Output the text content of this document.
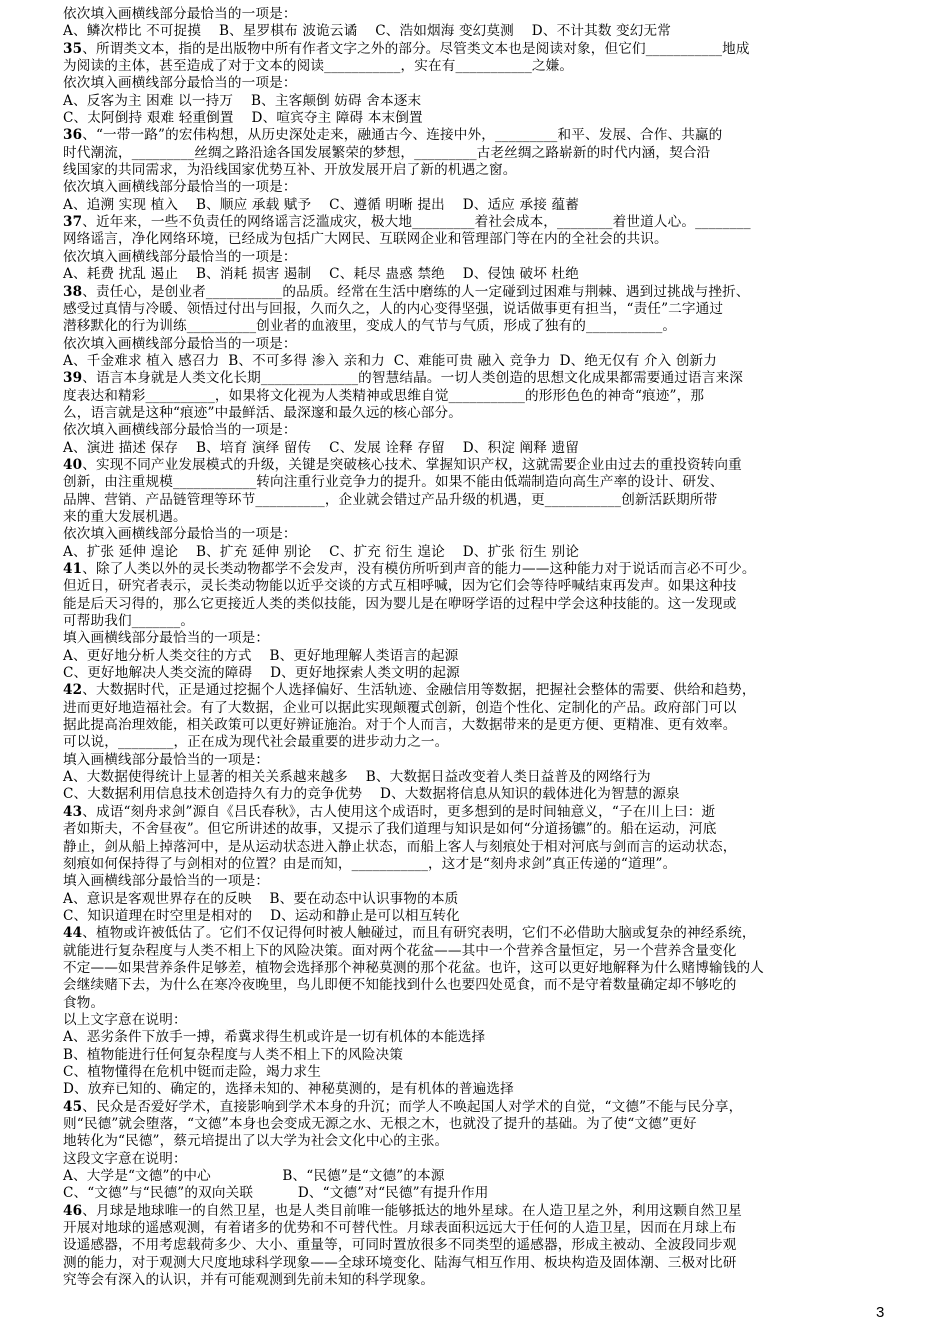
依次填入画横线部分最恰当的一项是：
A、鳞次栉比 不可捉摸    B、星罗棋布 波诡云谲    C、浩如烟海 变幻莫测    D、不计其数 变幻无常
35、所谓类文本，指的是出版物中所有作者文字之外的部分。尽管类文本也是阅读对象，但它们___________地成
为阅读的主体，甚至造成了对于文本的阅读___________，实在有___________之嫌。
依次填入画横线部分最恰当的一项是：
A、反客为主 困难 以一持万    B、主客颠倒 妨碍 舍本逐末
C、太阿倒持 艰难 轻重倒置    D、喧宾夺主 障碍 本末倒置
36、“一带一路”的宏伟构想，从历史深处走来，融通古今、连接中外，_________和平、发展、合作、共赢的
时代潮流，_________丝绸之路沿途各国发展繁荣的梦想，_________古老丝绸之路崭新的时代内涵，契合沿
线国家的共同需求，为沿线国家优势互补、开放发展开启了新的机遇之窗。
依次填入画横线部分最恰当的一项是：
A、追溯 实现 植入    B、顺应 承载 赋予    C、遵循 明晰 提出    D、适应 承接 蕴蓄
37、近年来，一些不负责任的网络谣言泛滥成灾，极大地_________着社会成本，________着世道人心。________
网络谣言，净化网络环境，已经成为包括广大网民、互联网企业和管理部门等在内的全社会的共识。
依次填入画横线部分最恰当的一项是：
A、耗费 扰乱 遏止    B、消耗 损害 遏制    C、耗尽 蛊惑 禁绝    D、侵蚀 破坏 杜绝
38、责任心，是创业者___________的品质。经常在生活中磨练的人一定碰到过困难与荆棘、遇到过挑战与挫折、
感受过真情与冷暖、领悟过付出与回报，久而久之，人的内心变得坚强，说话做事更有担当，“责任”二字通过
潜移默化的行为训练__________创业者的血液里，变成人的气节与气质，形成了独有的___________。
依次填入画横线部分最恰当的一项是：
A、千金难求 植入 感召力  B、不可多得 渗入 亲和力  C、难能可贵 融入 竞争力  D、绝无仅有 介入 创新力
39、语言本身就是人类文化长期______________的智慧结晶。一切人类创造的思想文化成果都需要通过语言来深
度表达和精彩__________，如果将文化视为人类精神或思维自觉___________的形形色色的神奇“痕迹”，那
么，语言就是这种“痕迹”中最鲜活、最深邃和最久远的核心部分。
依次填入画横线部分最恰当的一项是：
A、演进 描述 保存    B、培育 演绎 留传    C、发展 诠释 存留    D、积淀 阐释 遗留
40、实现不同产业发展模式的升级，关键是突破核心技术、掌握知识产权，这就需要企业由过去的重投资转向重
创新，由注重规模____________转向注重行业竞争力的提升。如果不能由低端制造向高生产率的设计、研发、
品牌、营销、产品链管理等环节__________，企业就会错过产品升级的机遇，更___________创新活跃期所带
来的重大发展机遇。
依次填入画横线部分最恰当的一项是：
A、扩张 延伸 遑论    B、扩充 延伸 别论    C、扩充 衍生 遑论    D、扩张 衍生 别论
41、除了人类以外的灵长类动物都学不会发声，没有模仿所听到声音的能力——这种能力对于说话而言必不可少。
但近日，研究者表示，灵长类动物能以近乎交谈的方式互相呼喊，因为它们会等待呼喊结束再发声。如果这种技
能是后天习得的，那么它更接近人类的类似技能，因为婴儿是在咿呀学语的过程中学会这种技能的。这一发现或
可帮助我们_______。
填入画横线部分最恰当的一项是：
A、更好地分析人类交往的方式    B、更好地理解人类语言的起源
C、更好地解决人类交流的障碍    D、更好地探索人类文明的起源
42、大数据时代，正是通过挖掘个人选择偏好、生活轨迹、金融信用等数据，把握社会整体的需要、供给和趋势，
进而更好地造福社会。有了大数据，企业可以据此实现颠覆式创新，创造个性化、定制化的产品。政府部门可以
据此提高治理效能，相关政策可以更好辨证施治。对于个人而言，大数据带来的是更方便、更精准、更有效率。
可以说，________，正在成为现代社会最重要的进步动力之一。
填入画横线部分最恰当的一项是：
A、大数据使得统计上显著的相关关系越来越多    B、大数据日益改变着人类日益普及的网络行为
C、大数据利用信息技术创造持久有力的竞争优势    D、大数据将信息从知识的载体进化为智慧的源泉
43、成语“刻舟求剑”源自《吕氏春秋》，古人使用这个成语时，更多想到的是时间轴意义，“子在川上曰：逝
者如斯夫，不舍昼夜”。但它所讲述的故事，又提示了我们道理与知识是如何“分道扬镳”的。船在运动，河底
静止，剑从船上掉落河中，是从运动状态进入静止状态，而船上客人与刻痕处于相对河底与剑而言的运动状态，
刻痕如何保持得了与剑相对的位置？由是而知，___________，这才是“刻舟求剑”真正传递的“道理”。
填入画横线部分最恰当的一项是：
A、意识是客观世界存在的反映    B、要在动态中认识事物的本质
C、知识道理在时空里是相对的    D、运动和静止是可以相互转化
44、植物或许被低估了。它们不仅记得何时被人触碰过，而且有研究表明，它们不必借助大脑或复杂的神经系统，
就能进行复杂程度与人类不相上下的风险决策。面对两个花盆——其中一个营养含量恒定，另一个营养含量变化
不定——如果营养条件足够差，植物会选择那个神秘莫测的那个花盆。也许，这可以更好地解释为什么赌博输钱的人
会继续赌下去，为什么在寒冷夜晚里，鸟儿即便不知能找到什么也要四处觅食，而不是守着数量确定却不够吃的
食物。
以上文字意在说明：
A、恶劣条件下放手一搏，希冀求得生机或许是一切有机体的本能选择
B、植物能进行任何复杂程度与人类不相上下的风险决策
C、植物懂得在危机中铤而走险，竭力求生
D、放弃已知的、确定的，选择未知的、神秘莫测的，是有机体的普遍选择
45、民众是否爱好学术，直接影响到学术本身的升沉；而学人不唤起国人对学术的自觉，“文德”不能与民分享，
则“民德”就会堕落，“文德”本身也会变成无源之水、无根之木，也就没了提升的基础。为了使“文德”更好
地转化为“民德”，蔡元培提出了以大学为社会文化中心的主张。
这段文字意在说明：
A、大学是“文德”的中心                B、“民德”是“文德”的本源
C、“文德”与“民德”的双向关联          D、“文德”对“民德”有提升作用
46、月球是地球唯一的自然卫星，也是人类目前唯一能够抵达的地外星球。在人造卫星之外，利用这颗自然卫星
开展对地球的遥感观测，有着诸多的优势和不可替代性。月球表面积远远大于任何的人造卫星，因而在月球上布
设遥感器，不用考虑载荷多少、大小、重量等，可同时置放很多不同类型的遥感器，形成主被动、全波段同步观
测的能力，对于观测大尺度地球科学现象——全球环境变化、陆海气相互作用、板块构造及固体潮、三极对比研
究等会有深入的认识，并有可能观测到先前未知的科学现象。
3
